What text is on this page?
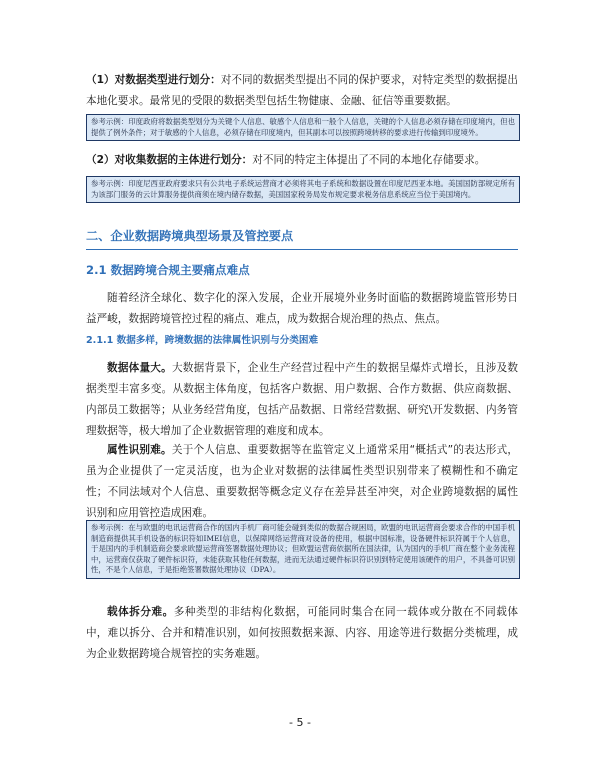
（1）对数据类型进行划分：对不同的数据类型提出不同的保护要求，对特定类型的数据提出本地化要求。最常见的受限的数据类型包括生物健康、金融、征信等重要数据。

参考示例：印度政府将数据类型划分为关键个人信息、敏感个人信息和一般个人信息，关键的个人信息必须存储在印度境内，但也提供了例外条件；对于敏感的个人信息，必须存储在印度境内，但其副本可以按照跨境转移的要求进行传输到印度境外。

（2）对收集数据的主体进行划分：对不同的特定主体提出了不同的本地化存储要求。

参考示例：印度尼西亚政府要求只有公共电子系统运营商才必须将其电子系统和数据设置在印度尼西亚本地。美国国防部规定所有为该部门服务的云计算服务提供商须在境内储存数据，美国国家税务局发布规定要求税务信息系统应当位于美国境内。
二、企业数据跨境典型场景及管控要点
2.1 数据跨境合规主要痛点难点

随着经济全球化、数字化的深入发展，企业开展境外业务时面临的数据跨境监管形势日益严峻，数据跨境管控过程的痛点、难点，成为数据合规治理的热点、焦点。

2.1.1 数据多样，跨境数据的法律属性识别与分类困难

数据体量大。大数据背景下，企业生产经营过程中产生的数据呈爆炸式增长，且涉及数据类型丰富多变。从数据主体角度，包括客户数据、用户数据、合作方数据、供应商数据、内部员工数据等；从业务经营角度，包括产品数据、日常经营数据、研究\开发数据、内务管理数据等，极大增加了企业数据管理的难度和成本。

属性识别难。关于个人信息、重要数据等在监管定义上通常采用“概括式”的表达形式，虽为企业提供了一定灵活度，也为企业对数据的法律属性类型识别带来了模糊性和不确定性；不同法域对个人信息、重要数据等概念定义存在差异甚至冲突，对企业跨境数据的属性识别和应用管控造成困难。

参考示例：在与欧盟的电讯运营商合作的国内手机厂商可能会碰到类似的数据合规困局，欧盟的电讯运营商会要求合作的中国手机制造商提供其手机设备的标识符如IMEI信息，以保障网络运营商对设备的使用，根据中国标准，设备硬件标识符属于个人信息，于是国内的手机制造商会要求欧盟运营商签署数据处理协议；但欧盟运营商依据所在国法律，认为国内的手机厂商在整个业务流程中，运营商仅获取了硬件标识符，未能获取其他任何数据，进而无法通过硬件标识符识别到特定使用该硬件的用户，不具备可识别性，不是个人信息，于是拒绝签署数据处理协议（DPA）。

载体拆分难。多种类型的非结构化数据，可能同时集合在同一载体或分散在不同载体中，难以拆分、合并和精准识别，如何按照数据来源、内容、用途等进行数据分类梳理，成为企业数据跨境合规管控的实务难题。

- 5 -
